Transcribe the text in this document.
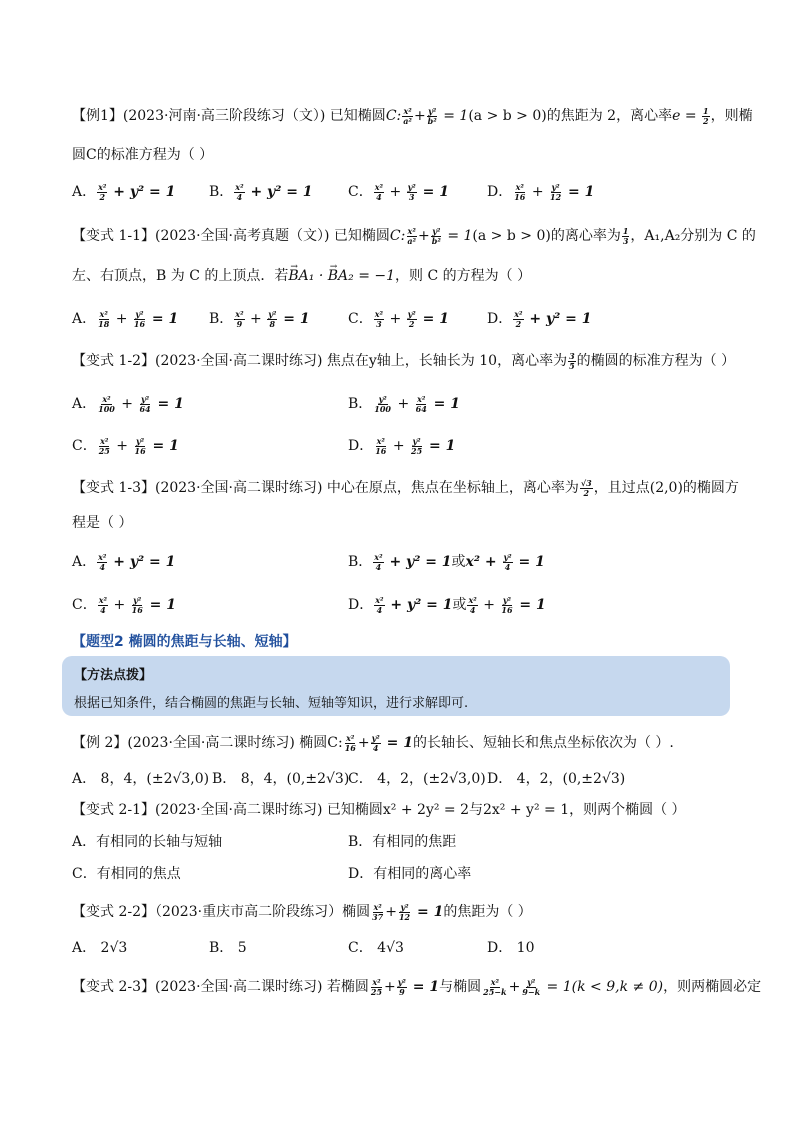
【例1】(2023·河南·高三阶段练习（文）) 已知椭圆C: $\frac{\text{x²}}{\text{a²}} + \frac{\text{y²}}{\text{b²}} = 1(a > b > 0)$的焦距为 2，离心率$e = \frac{1}{2}$ ，则椭
圆C的标准方程为（ ）
A． $\frac{\text{x²}}{2} + y^2 = 1$ B． $\frac{\text{x²}}{4} + y^2 = 1$	C． $\frac{\text{x²}}{4} + \frac{\text{y²}}{3} = 1$	D． $\frac{\text{x²}}{16} + \frac{\text{y²}}{12} = 1$
【变式 1-1】(2023·全国·高考真题（文）) 已知椭圆C: $\frac{\text{x²}}{\text{a²}} + \frac{\text{y²}}{\text{b²}} = 1(a > b > 0)$的离心率为 $\frac{1}{3}$ ，A₁,A₂分别为 C 的
左、右顶点，B 为 C 的上顶点．若→ BA₁ · → BA₂ = −1，则 C 的方程为（ ）
A． $\frac{\text{x²}}{18} + \frac{\text{y²}}{16} = 1$ B． $\frac{\text{x²}}{9} + \frac{\text{y²}}{8} = 1$	C． $\frac{\text{x²}}{3} + \frac{\text{y²}}{2} = 1$	D． $\frac{\text{x²}}{2} + y^2 = 1$
【变式 1-2】(2023·全国·高二课时练习) 焦点在y轴上，长轴长为 10，离心率为 $\frac{3}{5}$ 的椭圆的标准方程为（ ）
A． $\frac{\text{x²}}{100} + \frac{\text{y²}}{64} = 1$	B． $\frac{\text{y²}}{100} + \frac{\text{x²}}{64} = 1$
C． $\frac{\text{x²}}{25} + \frac{\text{y²}}{16} = 1$	D． $\frac{\text{x²}}{16} + \frac{\text{y²}}{25} = 1$
【变式 1-3】(2023·全国·高二课时练习) 中心在原点，焦点在坐标轴上，离心率为 $\frac{√3}{2}$ ，且过点(2,0)的椭圆方
程是（ ）
A． $\frac{\text{x²}}{4} + y^2 = 1$	B． $\frac{\text{x²}}{4} + y^2 = 1$或$x^2 + \frac{\text{y²}}{4} = 1$
C． $\frac{\text{x²}}{4} + \frac{\text{y²}}{16} = 1$	D． $\frac{\text{x²}}{4} + y^2 = 1$或 $\frac{\text{x²}}{4} + \frac{\text{y²}}{16} = 1$
【题型2 椭圆的焦距与长轴、短轴】
【方法点拨】
根据已知条件，结合椭圆的焦距与长轴、短轴等知识，进行求解即可.
【例 2】(2023·全国·高二课时练习) 椭圆C: $\frac{\text{x²}}{16} + \frac{\text{y²}}{4} = 1$的长轴长、短轴长和焦点坐标依次为（ ）.
A． 8，4，(±2√3,0) B． 8，4，(0,±2√3)
C． 4，2，(±2√3,0) D． 4，2，(0,±2√3)
【变式 2-1】(2023·全国·高二课时练习) 已知椭圆x² + 2y² = 2与2x² + y² = 1，则两个椭圆（ ）
A．有相同的长轴与短轴	B．有相同的焦距
C．有相同的焦点	D．有相同的离心率
【变式 2-2】（2023·重庆市高二阶段练习）椭圆 $\frac{\text{x²}}{37} + \frac{\text{y²}}{12} = 1$的焦距为（ ）
A． 2√3	B． 5	C． 4√3	D． 10
【变式 2-3】(2023·全国·高二课时练习) 若椭圆 $\frac{\text{x²}}{25} + \frac{\text{y²}}{9} = 1$与椭圆 $\frac{\text{x²}}{25-k} + \frac{\text{y²}}{9-k} = 1(k < 9,k \ne 0)$，则两椭圆必定
